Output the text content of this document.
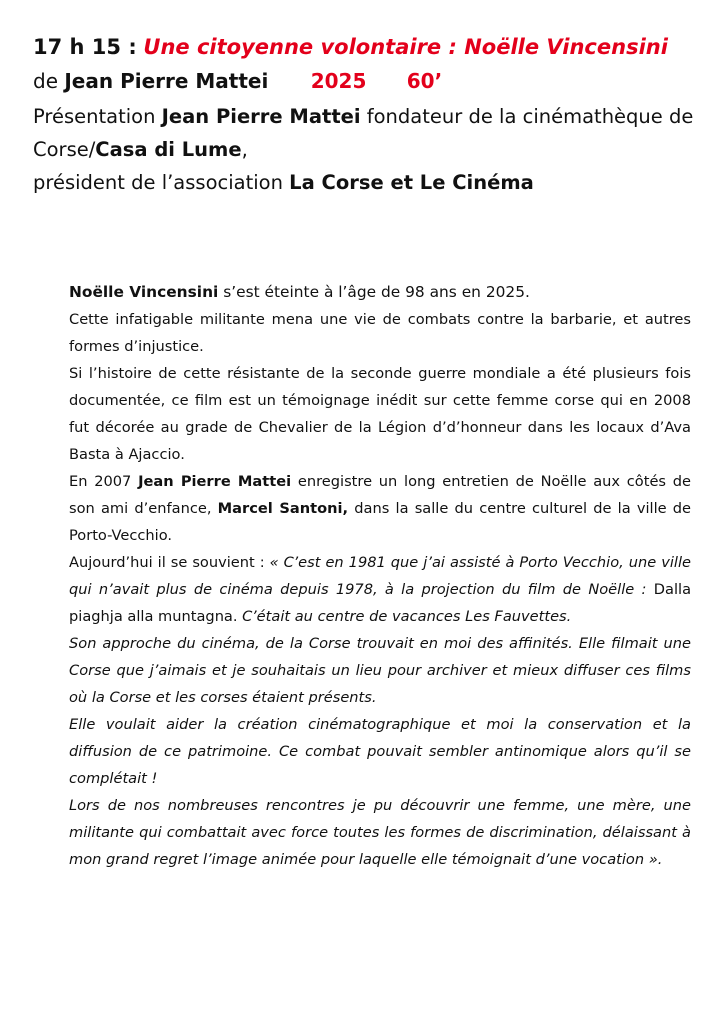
17 h 15 : Une citoyenne volontaire : Noëlle Vincensini
de Jean Pierre Mattei 2025 60’
Présentation Jean Pierre Mattei fondateur de la cinémathèque de Corse/Casa di Lume,
président de l’association La Corse et Le Cinéma

Noëlle Vincensini s’est éteinte à l’âge de 98 ans en 2025.

Cette infatigable militante mena une vie de combats contre la barbarie, et autres formes d’injustice.

Si l’histoire de cette résistante de la seconde guerre mondiale a été plusieurs fois documentée, ce film est un témoignage inédit sur cette femme corse qui en 2008 fut décorée au grade de Chevalier de la Légion d’d’honneur dans les locaux d’Ava Basta à Ajaccio.

En 2007 Jean Pierre Mattei enregistre un long entretien de Noëlle aux côtés de son ami d’enfance, Marcel Santoni, dans la salle du centre culturel de la ville de Porto-Vecchio.

Aujourd’hui il se souvient : « C’est en 1981 que j’ai assisté à Porto Vecchio, une ville qui n’avait plus de cinéma depuis 1978, à la projection du film de Noëlle : Dalla piaghja alla muntagna. C’était au centre de vacances Les Fauvettes.

Son approche du cinéma, de la Corse trouvait en moi des affinités. Elle filmait une Corse que j’aimais et je souhaitais un lieu pour archiver et mieux diffuser ces films où la Corse et les corses étaient présents.

Elle voulait aider la création cinématographique et moi la conservation et la diffusion de ce patrimoine. Ce combat pouvait sembler antinomique alors qu’il se complétait !

Lors de nos nombreuses rencontres je pu découvrir une femme, une mère, une militante qui combattait avec force toutes les formes de discrimination, délaissant à mon grand regret l’image animée pour laquelle elle témoignait d’une vocation ».
